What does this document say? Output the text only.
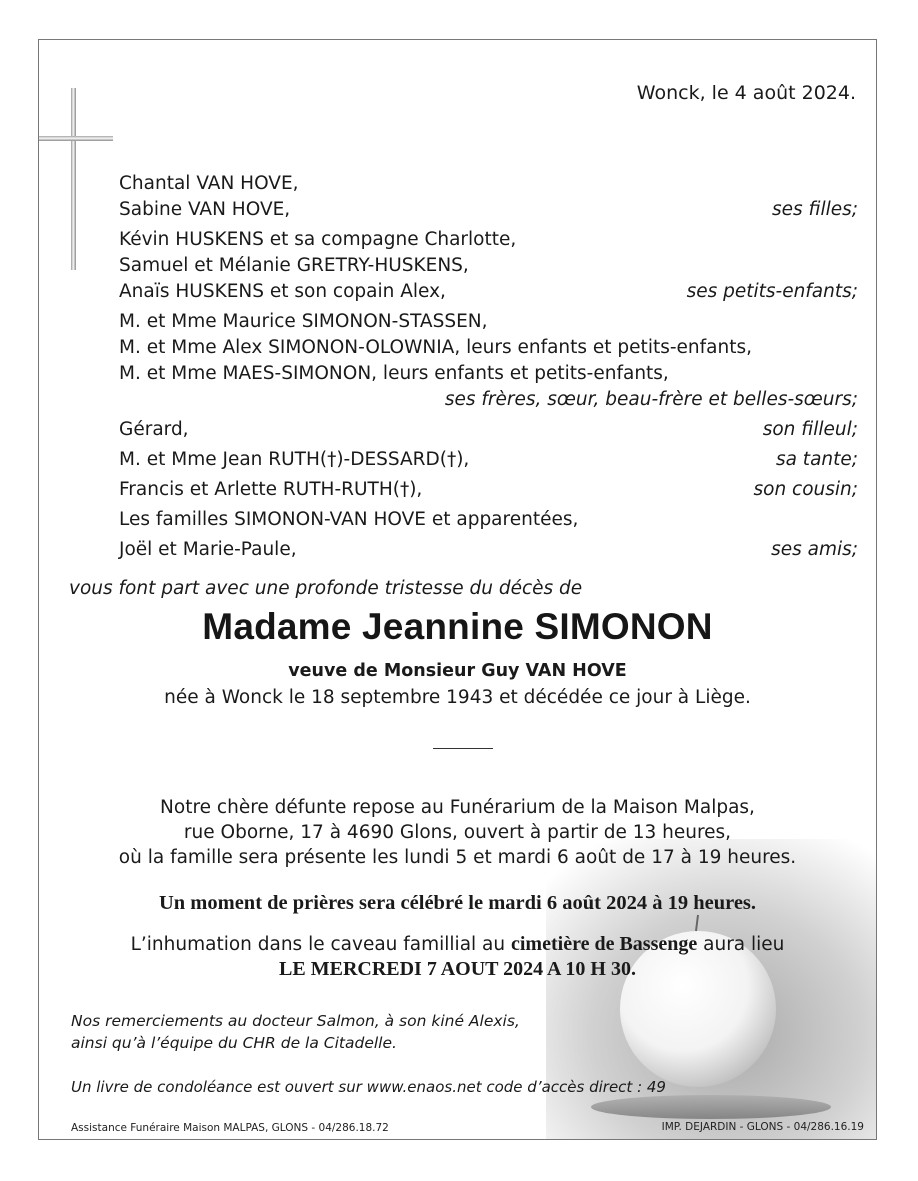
Wonck, le 4 août 2024.
Chantal VAN HOVE,
Sabine VAN HOVE,	ses filles;
Kévin HUSKENS et sa compagne Charlotte,
Samuel et Mélanie GRETRY-HUSKENS,
Anaïs HUSKENS et son copain Alex,	ses petits-enfants;
M. et Mme Maurice SIMONON-STASSEN,
M. et Mme Alex SIMONON-OLOWNIA, leurs enfants et petits-enfants,
M. et Mme MAES-SIMONON, leurs enfants et petits-enfants,
ses frères, sœur, beau-frère et belles-sœurs;
Gérard,	son filleul;
M. et Mme Jean RUTH(†)-DESSARD(†),	sa tante;
Francis et Arlette RUTH-RUTH(†),	son cousin;
Les familles SIMONON-VAN HOVE et apparentées,
Joël et Marie-Paule,	ses amis;
vous font part avec une profonde tristesse du décès de
Madame Jeannine SIMONON
veuve de Monsieur Guy VAN HOVE
née à Wonck le 18 septembre 1943 et décédée ce jour à Liège.
Notre chère défunte repose au Funérarium de la Maison Malpas,
rue Oborne, 17 à 4690 Glons, ouvert à partir de 13 heures,
où la famille sera présente les lundi 5 et mardi 6 août de 17 à 19 heures.
Un moment de prières sera célébré le mardi 6 août 2024 à 19 heures.
L’inhumation dans le caveau famillial au cimetière de Bassenge aura lieu
LE MERCREDI 7 AOUT 2024 A 10 H 30.
Nos remerciements au docteur Salmon, à son kiné Alexis,
ainsi qu’à l’équipe du CHR de la Citadelle.
Un livre de condoléance est ouvert sur www.enaos.net code d’accès direct : 49
Assistance Funéraire Maison MALPAS, GLONS - 04/286.18.72	IMP. DEJARDIN - GLONS - 04/286.16.19
